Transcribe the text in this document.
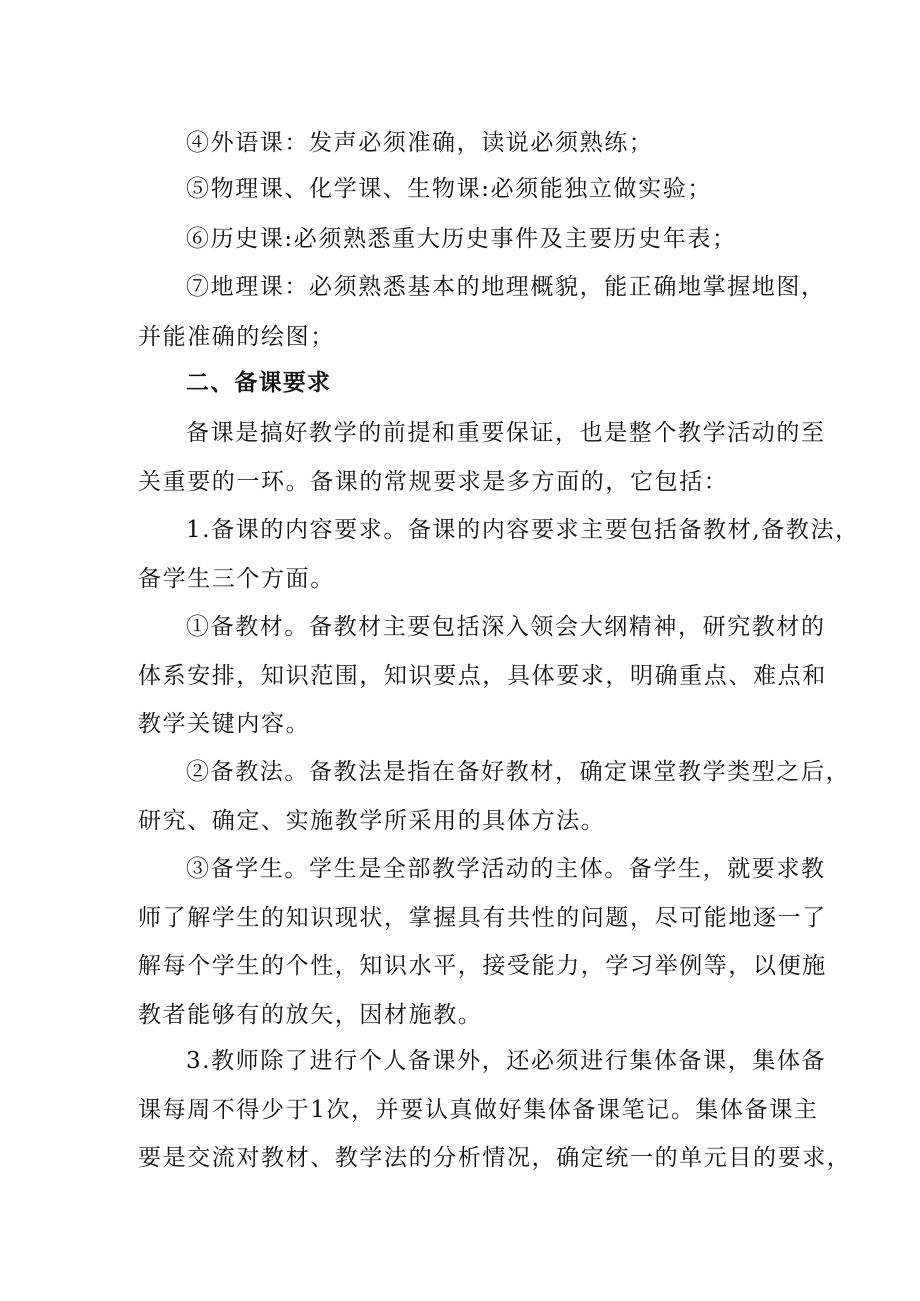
④外语课：发声必须准确，读说必须熟练；
⑤物理课、化学课、生物课:必须能独立做实验；
⑥历史课:必须熟悉重大历史事件及主要历史年表；
⑦地理课：必须熟悉基本的地理概貌，能正确地掌握地图，
并能准确的绘图；
二、备课要求
备课是搞好教学的前提和重要保证，也是整个教学活动的至
关重要的一环。备课的常规要求是多方面的，它包括：
1.备课的内容要求。备课的内容要求主要包括备教材,备教法，
备学生三个方面。
①备教材。备教材主要包括深入领会大纲精神，研究教材的
体系安排，知识范围，知识要点，具体要求，明确重点、难点和
教学关键内容。
②备教法。备教法是指在备好教材，确定课堂教学类型之后，
研究、确定、实施教学所采用的具体方法。
③备学生。学生是全部教学活动的主体。备学生，就要求教
师了解学生的知识现状，掌握具有共性的问题，尽可能地逐一了
解每个学生的个性，知识水平，接受能力，学习举例等，以便施
教者能够有的放矢，因材施教。
3.教师除了进行个人备课外，还必须进行集体备课，集体备
课每周不得少于1次，并要认真做好集体备课笔记。集体备课主
要是交流对教材、教学法的分析情况，确定统一的单元目的要求，
